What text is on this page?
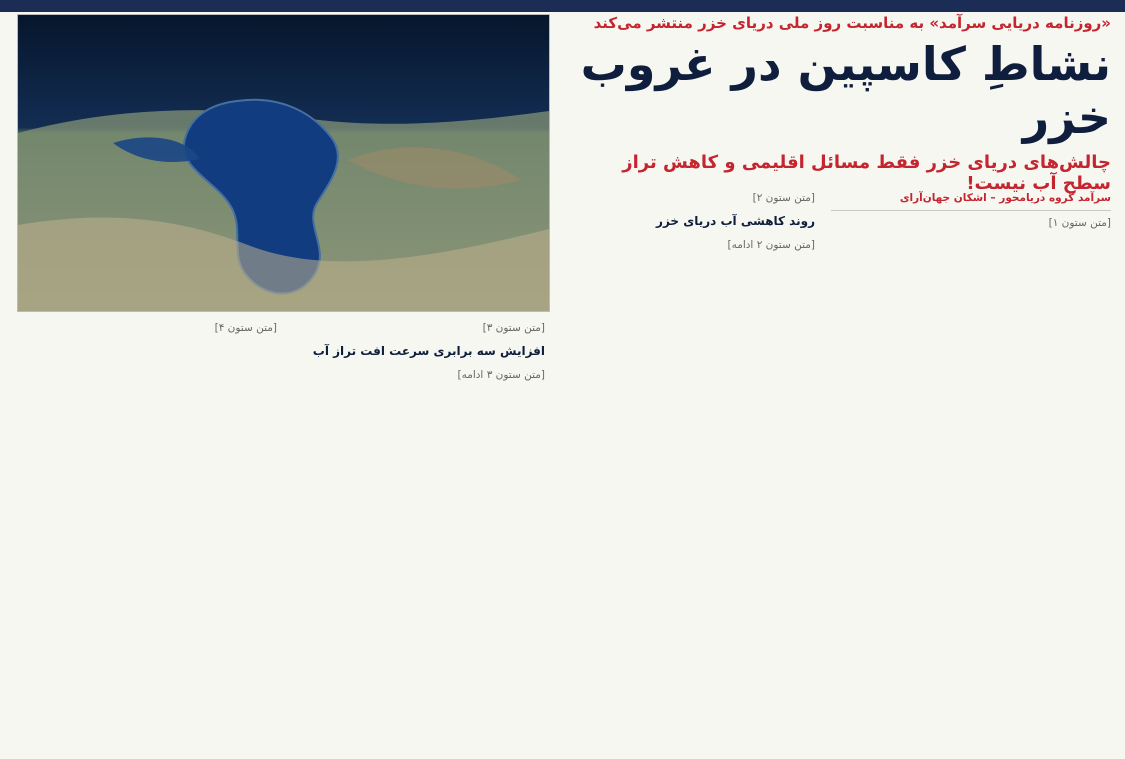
«روزنامه دریایی سرآمد» به مناسبت روز ملی دریای خزر منتشر می‌کند
نشاطِ کاسپین در غروب خزر
چالش‌های دریای خزر فقط مسائل اقلیمی و کاهش تراز سطح آب نیست!
سرآمد گروه دریامحور – اشکان جهان‌آرای
[متن ستون ۱]
[متن ستون ۲]
روند کاهشی آب دریای خزر
[متن ستون ۲ ادامه]
[متن ستون ۳]
افزایش سه برابری سرعت افت تراز آب
[متن ستون ۳ ادامه]
[متن ستون ۴]
